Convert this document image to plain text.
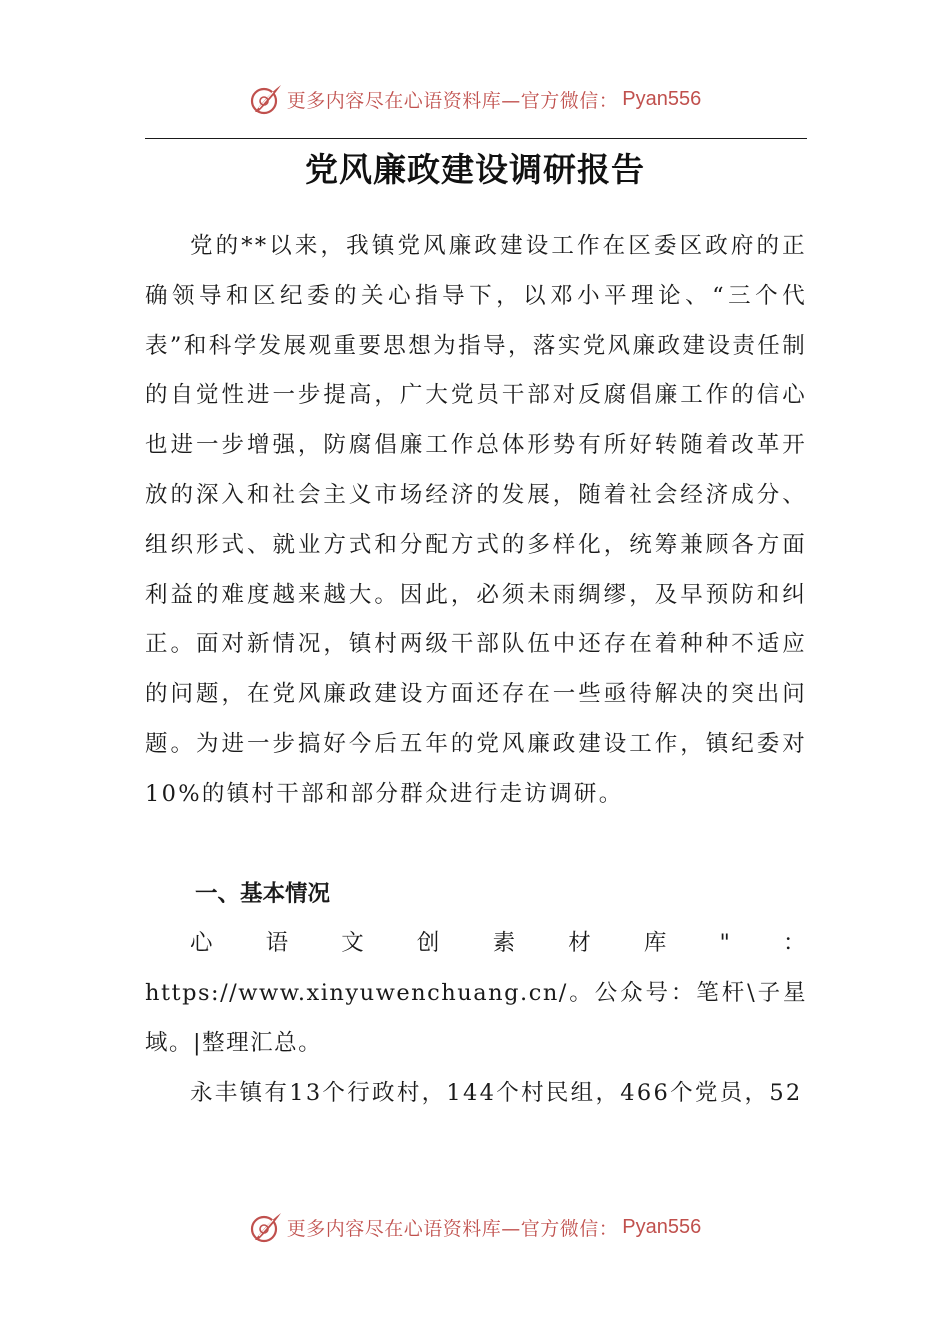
更多内容尽在心语资料库—官方微信： Pyan556
党风廉政建设调研报告

党的**以来，我镇党风廉政建设工作在区委区政府的正确领导和区纪委的关心指导下，以邓小平理论、“三个代表”和科学发展观重要思想为指导，落实党风廉政建设责任制的自觉性进一步提高，广大党员干部对反腐倡廉工作的信心也进一步增强，防腐倡廉工作总体形势有所好转随着改革开放的深入和社会主义市场经济的发展，随着社会经济成分、组织形式、就业方式和分配方式的多样化，统筹兼顾各方面利益的难度越来越大。因此，必须未雨绸缪，及早预防和纠正。面对新情况，镇村两级干部队伍中还存在着种种不适应的问题，在党风廉政建设方面还存在一些亟待解决的突出问题。为进一步搞好今后五年的党风廉政建设工作，镇纪委对10%的镇村干部和部分群众进行走访调研。

一、基本情况

心语文创素材库"：https://www.xinyuwenchuang.cn/。公众号：笔杆\子星域。|整理汇总。

永丰镇有13个行政村，144个村民组，466个党员，52

更多内容尽在心语资料库—官方微信： Pyan556
